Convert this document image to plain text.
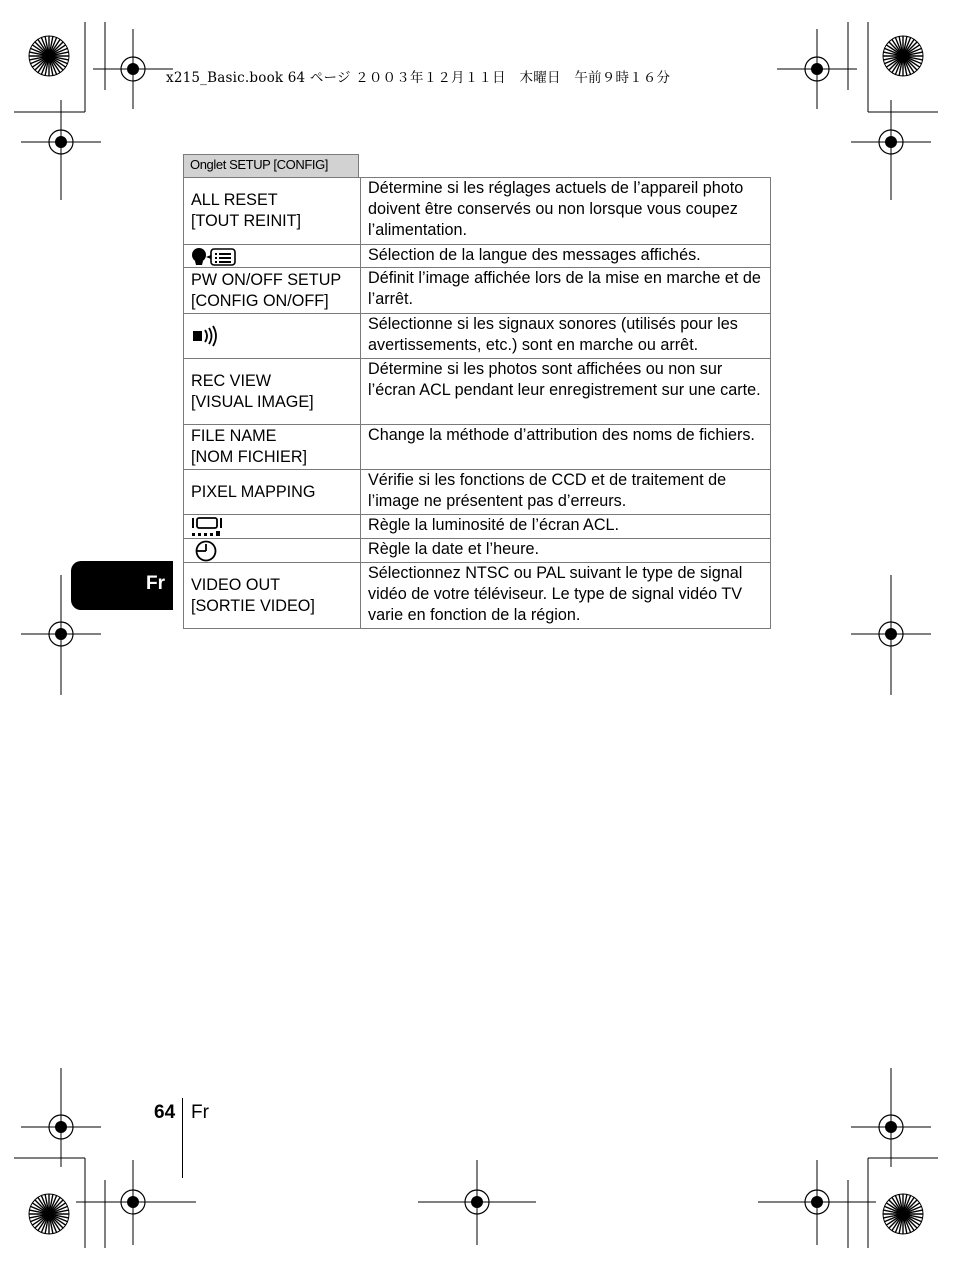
x215_Basic.book 64 ページ ２００３年１２月１１日　木曜日　午前９時１６分
Onglet SETUP [CONFIG]
ALL RESET
[TOUT REINIT]	Détermine si les réglages actuels de l’appareil photo doivent être conservés ou non lorsque vous coupez l’alimentation.

	Sélection de la langue des messages affichés.

PW ON/OFF SETUP
[CONFIG ON/OFF]	Définit l’image affichée lors de la mise en marche et de l’arrêt.

	Sélectionne si les signaux sonores (utilisés pour les avertissements, etc.) sont en marche ou arrêt.

REC VIEW
[VISUAL IMAGE]	Détermine si les photos sont affichées ou non sur l’écran ACL pendant leur enregistrement sur une carte.

FILE NAME
[NOM FICHIER]	Change la méthode d’attribution des noms de fichiers.

PIXEL MAPPING	Vérifie si les fonctions de CCD et de traitement de l’image ne présentent pas d’erreurs.

	Règle la luminosité de l’écran ACL.

	Règle la date et l’heure.

VIDEO OUT
[SORTIE VIDEO]	Sélectionnez NTSC ou PAL suivant le type de signal vidéo de votre téléviseur. Le type de signal vidéo TV varie en fonction de la région.
Fr
64 Fr
